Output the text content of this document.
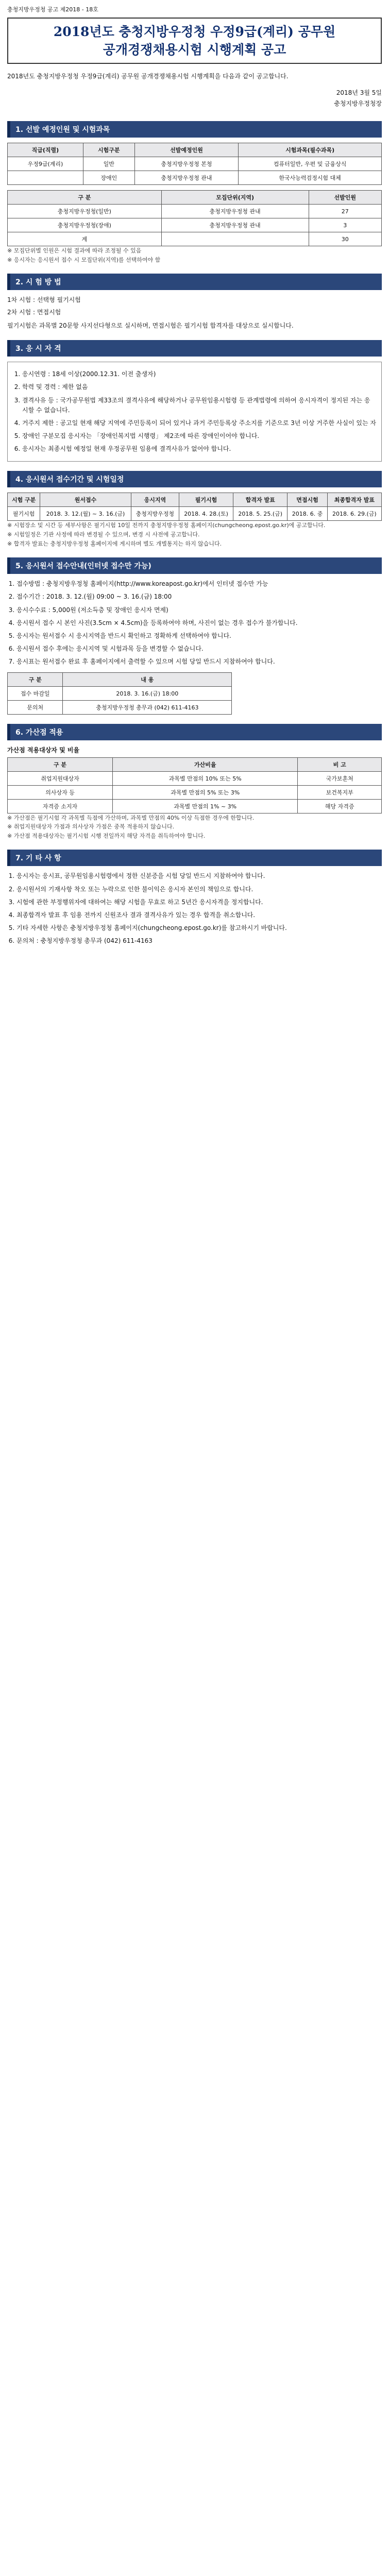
충청지방우정청 공고 제2018 - 18호
2018년도 충청지방우정청 우정9급(계리) 공무원
공개경쟁채용시험 시행계획 공고
2018년도 충청지방우정청 우정9급(계리) 공무원 공개경쟁채용시험 시행계획을 다음과 같이 공고합니다.
2018년 3월 5일
충청지방우정청장
1. 선발 예정인원 및 시험과목
직급(직렬)	시험구분	선발예정인원	시험과목(필수과목)
우정9급(계리)	일반	충청지방우정청 본청	컴퓨터일반, 우편 및 금융상식
	장애인	충청지방우정청 관내	한국사능력검정시험 대체
구 분	모집단위(지역)	선발인원
충청지방우정청(일반)	충청지방우정청 관내	27
충청지방우정청(장애)	충청지방우정청 관내	3
계		30
※ 모집단위별 인원은 시험 결과에 따라 조정될 수 있음
※ 응시자는 응시원서 접수 시 모집단위(지역)를 선택하여야 함
2. 시 험 방 법
1차 시험 : 선택형 필기시험
2차 시험 : 면접시험
필기시험은 과목별 20문항 사지선다형으로 실시하며, 면접시험은 필기시험 합격자를 대상으로 실시합니다.
3. 응 시 자 격
1. 응시연령 : 18세 이상(2000.12.31. 이전 출생자)
2. 학력 및 경력 : 제한 없음
3. 결격사유 등 : 국가공무원법 제33조의 결격사유에 해당하거나 공무원임용시험령 등 관계법령에 의하여 응시자격이 정지된 자는 응시할 수 없습니다.
4. 거주지 제한 : 공고일 현재 해당 지역에 주민등록이 되어 있거나 과거 주민등록상 주소지를 기준으로 3년 이상 거주한 사실이 있는 자
5. 장애인 구분모집 응시자는 「장애인복지법 시행령」 제2조에 따른 장애인이어야 합니다.
6. 응시자는 최종시험 예정일 현재 우정공무원 임용에 결격사유가 없어야 합니다.
4. 응시원서 접수기간 및 시험일정
시험 구분	원서접수	응시지역	필기시험	합격자 발표	면접시험	최종합격자 발표
필기시험	2018. 3. 12.(월) ~ 3. 16.(금)	충청지방우정청	2018. 4. 28.(토)	2018. 5. 25.(금)	2018. 6. 중	2018. 6. 29.(금)
※ 시험장소 및 시간 등 세부사항은 필기시험 10일 전까지 충청지방우정청 홈페이지(chungcheong.epost.go.kr)에 공고합니다.
※ 시험일정은 기관 사정에 따라 변경될 수 있으며, 변경 시 사전에 공고합니다.
※ 합격자 발표는 충청지방우정청 홈페이지에 게시하며 별도 개별통지는 하지 않습니다.
5. 응시원서 접수안내(인터넷 접수만 가능)
1. 접수방법 : 충청지방우정청 홈페이지(http://www.koreapost.go.kr)에서 인터넷 접수만 가능
2. 접수기간 : 2018. 3. 12.(월) 09:00 ~ 3. 16.(금) 18:00
3. 응시수수료 : 5,000원 (저소득층 및 장애인 응시자 면제)
4. 응시원서 접수 시 본인 사진(3.5cm × 4.5cm)을 등록하여야 하며, 사진이 없는 경우 접수가 불가합니다.
5. 응시자는 원서접수 시 응시지역을 반드시 확인하고 정확하게 선택하여야 합니다.
6. 응시원서 접수 후에는 응시지역 및 시험과목 등을 변경할 수 없습니다.
7. 응시표는 원서접수 완료 후 홈페이지에서 출력할 수 있으며 시험 당일 반드시 지참하여야 합니다.
구 분	내 용
접수 마감일	2018. 3. 16.(금) 18:00
문의처	충청지방우정청 총무과 (042) 611-4163
6. 가산점 적용
가산점 적용대상자 및 비율
구 분	가산비율	비 고
취업지원대상자	과목별 만점의 10% 또는 5%	국가보훈처
의사상자 등	과목별 만점의 5% 또는 3%	보건복지부
자격증 소지자	과목별 만점의 1% ~ 3%	해당 자격증
※ 가산점은 필기시험 각 과목별 득점에 가산하며, 과목별 만점의 40% 이상 득점한 경우에 한합니다.
※ 취업지원대상자 가점과 의사상자 가점은 중복 적용하지 않습니다.
※ 가산점 적용대상자는 필기시험 시행 전일까지 해당 자격을 취득하여야 합니다.
7. 기 타 사 항
1. 응시자는 응시표, 공무원임용시험령에서 정한 신분증을 시험 당일 반드시 지참하여야 합니다.
2. 응시원서의 기재사항 착오 또는 누락으로 인한 불이익은 응시자 본인의 책임으로 합니다.
3. 시험에 관한 부정행위자에 대하여는 해당 시험을 무효로 하고 5년간 응시자격을 정지합니다.
4. 최종합격자 발표 후 임용 전까지 신원조사 결과 결격사유가 있는 경우 합격을 취소합니다.
5. 기타 자세한 사항은 충청지방우정청 홈페이지(chungcheong.epost.go.kr)를 참고하시기 바랍니다.
6. 문의처 : 충청지방우정청 총무과 (042) 611-4163
